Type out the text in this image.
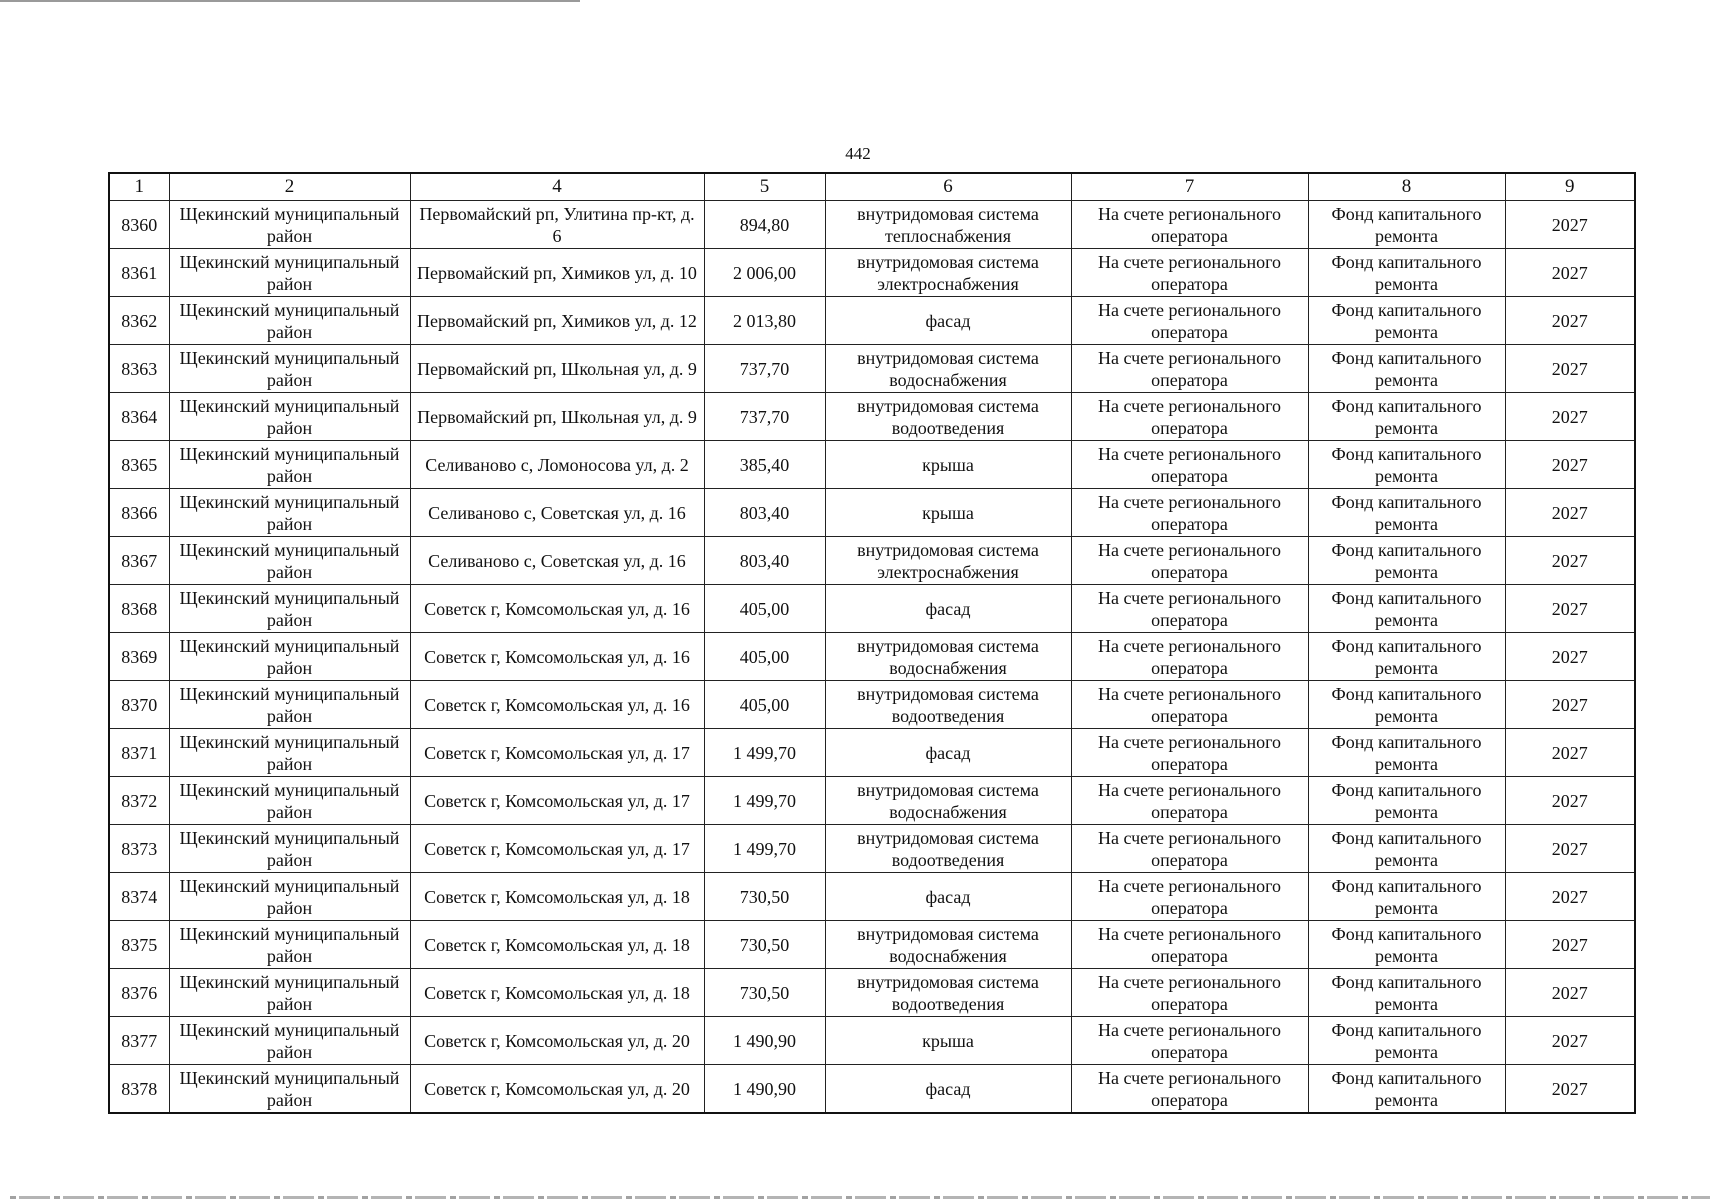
442
1	2	4	5	6	7	8	9
8360	Щекинский муниципальный район	Первомайский рп, Улитина пр-кт, д. 6	894,80	внутридомовая система теплоснабжения	На счете регионального оператора	Фонд капитального ремонта	2027
8361	Щекинский муниципальный район	Первомайский рп, Химиков ул, д. 10	2 006,00	внутридомовая система электроснабжения	На счете регионального оператора	Фонд капитального ремонта	2027
8362	Щекинский муниципальный район	Первомайский рп, Химиков ул, д. 12	2 013,80	фасад	На счете регионального оператора	Фонд капитального ремонта	2027
8363	Щекинский муниципальный район	Первомайский рп, Школьная ул, д. 9	737,70	внутридомовая система водоснабжения	На счете регионального оператора	Фонд капитального ремонта	2027
8364	Щекинский муниципальный район	Первомайский рп, Школьная ул, д. 9	737,70	внутридомовая система водоотведения	На счете регионального оператора	Фонд капитального ремонта	2027
8365	Щекинский муниципальный район	Селиваново с, Ломоносова ул, д. 2	385,40	крыша	На счете регионального оператора	Фонд капитального ремонта	2027
8366	Щекинский муниципальный район	Селиваново с, Советская ул, д. 16	803,40	крыша	На счете регионального оператора	Фонд капитального ремонта	2027
8367	Щекинский муниципальный район	Селиваново с, Советская ул, д. 16	803,40	внутридомовая система электроснабжения	На счете регионального оператора	Фонд капитального ремонта	2027
8368	Щекинский муниципальный район	Советск г, Комсомольская ул, д. 16	405,00	фасад	На счете регионального оператора	Фонд капитального ремонта	2027
8369	Щекинский муниципальный район	Советск г, Комсомольская ул, д. 16	405,00	внутридомовая система водоснабжения	На счете регионального оператора	Фонд капитального ремонта	2027
8370	Щекинский муниципальный район	Советск г, Комсомольская ул, д. 16	405,00	внутридомовая система водоотведения	На счете регионального оператора	Фонд капитального ремонта	2027
8371	Щекинский муниципальный район	Советск г, Комсомольская ул, д. 17	1 499,70	фасад	На счете регионального оператора	Фонд капитального ремонта	2027
8372	Щекинский муниципальный район	Советск г, Комсомольская ул, д. 17	1 499,70	внутридомовая система водоснабжения	На счете регионального оператора	Фонд капитального ремонта	2027
8373	Щекинский муниципальный район	Советск г, Комсомольская ул, д. 17	1 499,70	внутридомовая система водоотведения	На счете регионального оператора	Фонд капитального ремонта	2027
8374	Щекинский муниципальный район	Советск г, Комсомольская ул, д. 18	730,50	фасад	На счете регионального оператора	Фонд капитального ремонта	2027
8375	Щекинский муниципальный район	Советск г, Комсомольская ул, д. 18	730,50	внутридомовая система водоснабжения	На счете регионального оператора	Фонд капитального ремонта	2027
8376	Щекинский муниципальный район	Советск г, Комсомольская ул, д. 18	730,50	внутридомовая система водоотведения	На счете регионального оператора	Фонд капитального ремонта	2027
8377	Щекинский муниципальный район	Советск г, Комсомольская ул, д. 20	1 490,90	крыша	На счете регионального оператора	Фонд капитального ремонта	2027
8378	Щекинский муниципальный район	Советск г, Комсомольская ул, д. 20	1 490,90	фасад	На счете регионального оператора	Фонд капитального ремонта	2027
